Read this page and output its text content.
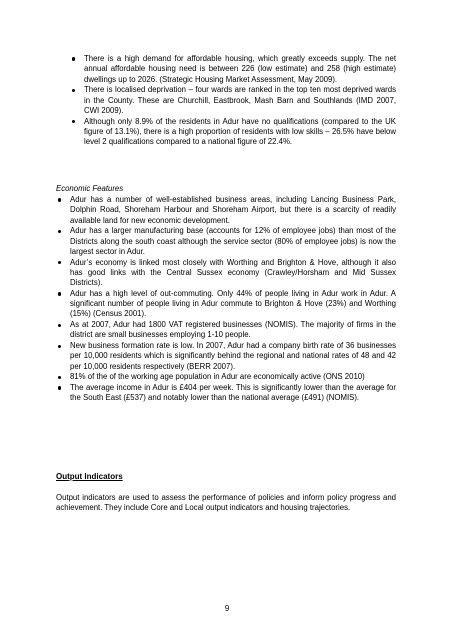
There is a high demand for affordable housing, which greatly exceeds supply. The net annual affordable housing need is between 226 (low estimate) and 258 (high estimate) dwellings up to 2026. (Strategic Housing Market Assessment, May 2009).
There is localised deprivation – four wards are ranked in the top ten most deprived wards in the County. These are Churchill, Eastbrook, Mash Barn and Southlands (IMD 2007, CWI 2009).
Although only 8.9% of the residents in Adur have no qualifications (compared to the UK figure of 13.1%), there is a high proportion of residents with low skills – 26.5% have below level 2 qualifications compared to a national figure of 22.4%.
Economic Features
Adur has a number of well-established business areas, including Lancing Business Park, Dolphin Road, Shoreham Harbour and Shoreham Airport, but there is a scarcity of readily available land for new economic development.
Adur has a larger manufacturing base (accounts for 12% of employee jobs) than most of the Districts along the south coast although the service sector (80% of employee jobs) is now the largest sector in Adur.
Adur’s economy is linked most closely with Worthing and Brighton & Hove, although it also has good links with the Central Sussex economy (Crawley/Horsham and Mid Sussex Districts).
Adur has a high level of out-commuting. Only 44% of people living in Adur work in Adur. A significant number of people living in Adur commute to Brighton & Hove (23%) and Worthing (15%) (Census 2001).
As at 2007, Adur had 1800 VAT registered businesses (NOMIS). The majority of firms in the district are small businesses employing 1-10 people.
New business formation rate is low. In 2007, Adur had a company birth rate of 36 businesses per 10,000 residents which is significantly behind the regional and national rates of 48 and 42 per 10,000 residents respectively (BERR 2007).
81% of the of the working age population in Adur are economically active (ONS 2010)
The average income in Adur is £404 per week. This is significantly lower than the average for the South East (£537) and notably lower than the national average (£491) (NOMIS).
Output Indicators

Output indicators are used to assess the performance of policies and inform policy progress and achievement. They include Core and Local output indicators and housing trajectories.

9
